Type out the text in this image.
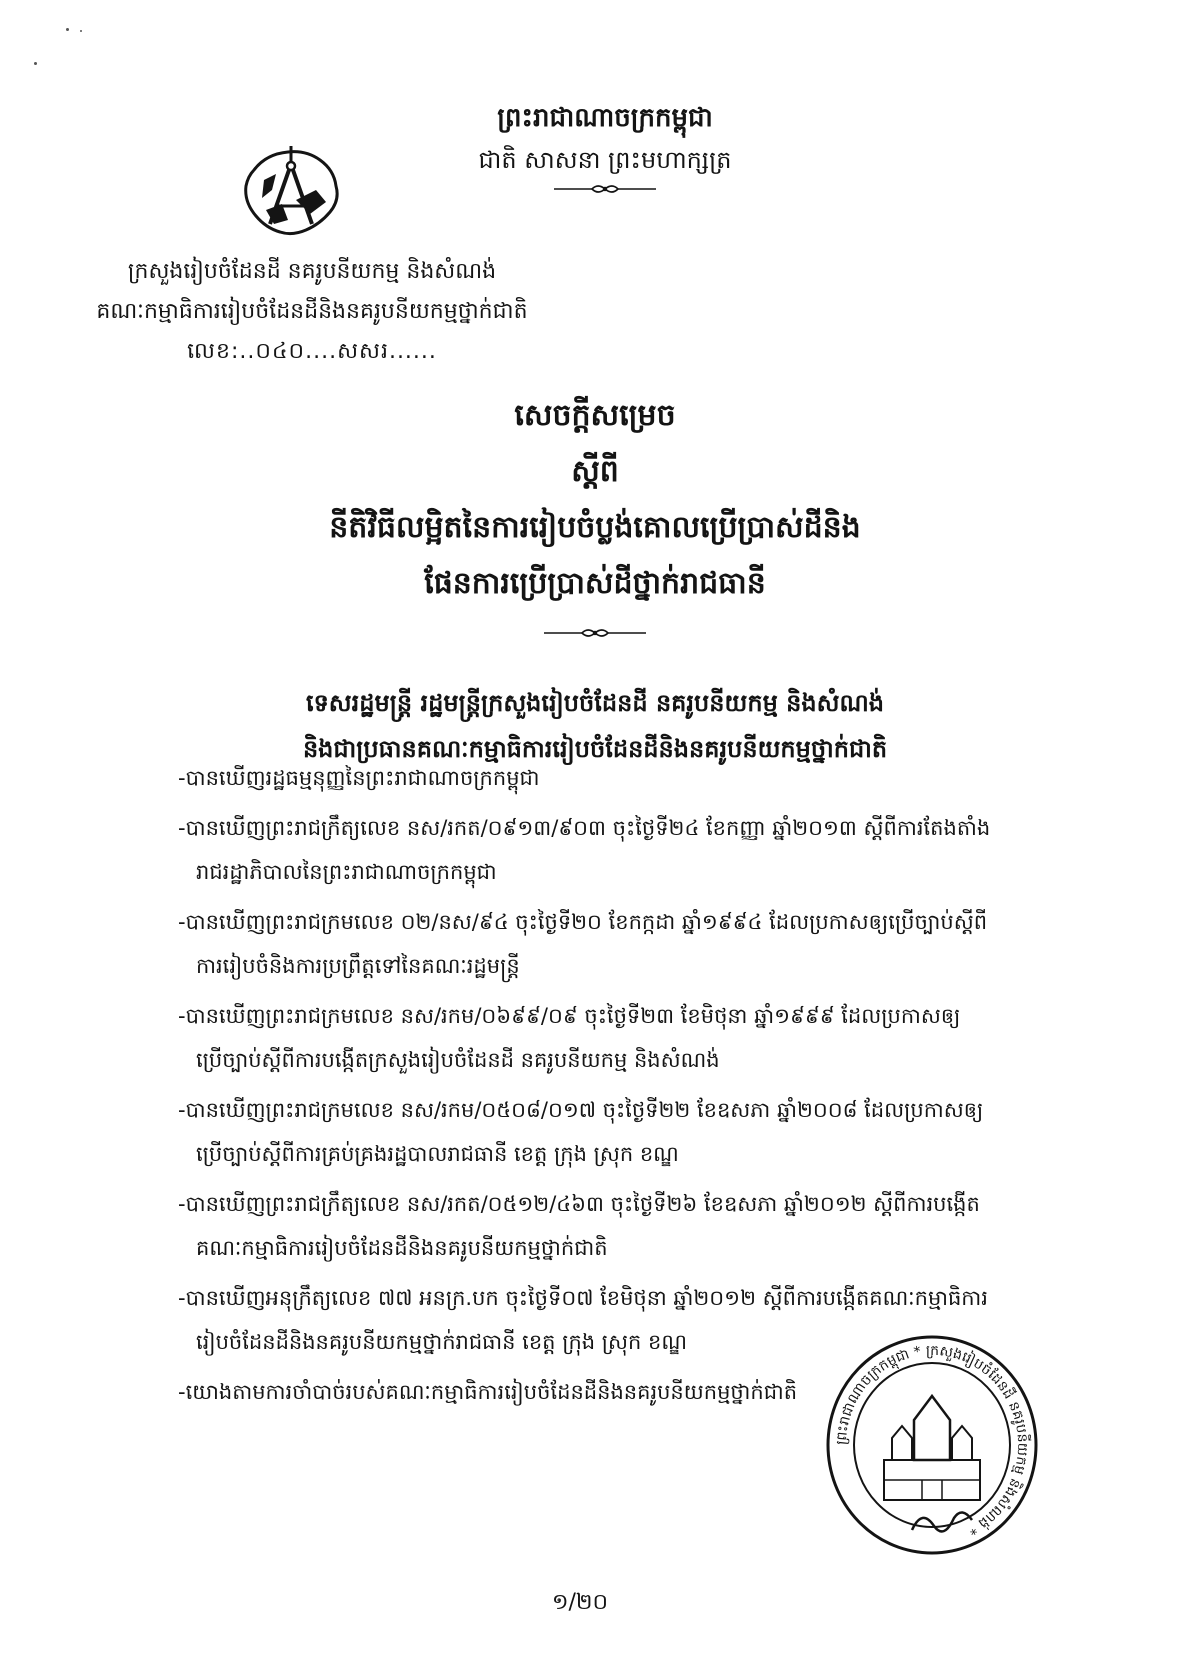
ព្រះរាជាណាចក្រកម្ពុជា
ជាតិ សាសនា ព្រះមហាក្សត្រ
ក្រសួងរៀបចំដែនដី នគរូបនីយកម្ម និងសំណង់
គណៈកម្មាធិការរៀបចំដែនដីនិងនគរូបនីយកម្មថ្នាក់ជាតិ
លេខ:..០៤០....សសរ......
សេចក្តីសម្រេច
ស្តីពី
នីតិវិធីលម្អិតនៃការរៀបចំប្លង់គោលប្រើប្រាស់ដីនិង
ផែនការប្រើប្រាស់ដីថ្នាក់រាជធានី
ទេសរដ្ឋមន្ត្រី រដ្ឋមន្ត្រីក្រសួងរៀបចំដែនដី នគរូបនីយកម្ម និងសំណង់
និងជាប្រធានគណៈកម្មាធិការរៀបចំដែនដីនិងនគរូបនីយកម្មថ្នាក់ជាតិ
-បានឃើញរដ្ឋធម្មនុញ្ញនៃព្រះរាជាណាចក្រកម្ពុជា
-បានឃើញព្រះរាជក្រឹត្យលេខ នស/រកត/០៩១៣/៩០៣ ចុះថ្ងៃទី២៤ ខែកញ្ញា ឆ្នាំ២០១៣ ស្តីពីការតែងតាំង
រាជរដ្ឋាភិបាលនៃព្រះរាជាណាចក្រកម្ពុជា
-បានឃើញព្រះរាជក្រមលេខ ០២/នស/៩៤ ចុះថ្ងៃទី២០ ខែកក្កដា ឆ្នាំ១៩៩៤ ដែលប្រកាសឲ្យប្រើច្បាប់ស្តីពី
ការរៀបចំនិងការប្រព្រឹត្តទៅនៃគណៈរដ្ឋមន្ត្រី
-បានឃើញព្រះរាជក្រមលេខ នស/រកម/០៦៩៩/០៩ ចុះថ្ងៃទី២៣ ខែមិថុនា ឆ្នាំ១៩៩៩ ដែលប្រកាសឲ្យ
ប្រើច្បាប់ស្តីពីការបង្កើតក្រសួងរៀបចំដែនដី នគរូបនីយកម្ម និងសំណង់
-បានឃើញព្រះរាជក្រមលេខ នស/រកម/០៥០៨/០១៧ ចុះថ្ងៃទី២២ ខែឧសភា ឆ្នាំ២០០៨ ដែលប្រកាសឲ្យ
ប្រើច្បាប់ស្តីពីការគ្រប់គ្រងរដ្ឋបាលរាជធានី ខេត្ត ក្រុង ស្រុក ខណ្ឌ
-បានឃើញព្រះរាជក្រឹត្យលេខ នស/រកត/០៥១២/៤៦៣ ចុះថ្ងៃទី២៦ ខែឧសភា ឆ្នាំ២០១២ ស្តីពីការបង្កើត
គណៈកម្មាធិការរៀបចំដែនដីនិងនគរូបនីយកម្មថ្នាក់ជាតិ
-បានឃើញអនុក្រឹត្យលេខ ៧៧ អនក្រ.បក ចុះថ្ងៃទី០៧ ខែមិថុនា ឆ្នាំ២០១២ ស្តីពីការបង្កើតគណៈកម្មាធិការ
រៀបចំដែនដីនិងនគរូបនីយកម្មថ្នាក់រាជធានី ខេត្ត ក្រុង ស្រុក ខណ្ឌ
-យោងតាមការចាំបាច់របស់គណៈកម្មាធិការរៀបចំដែនដីនិងនគរូបនីយកម្មថ្នាក់ជាតិ
ព្រះរាជាណាចក្រកម្ពុជា * ក្រសួងរៀបចំដែនដី នគរូបនីយកម្ម និងសំណង់ *
១/២០
